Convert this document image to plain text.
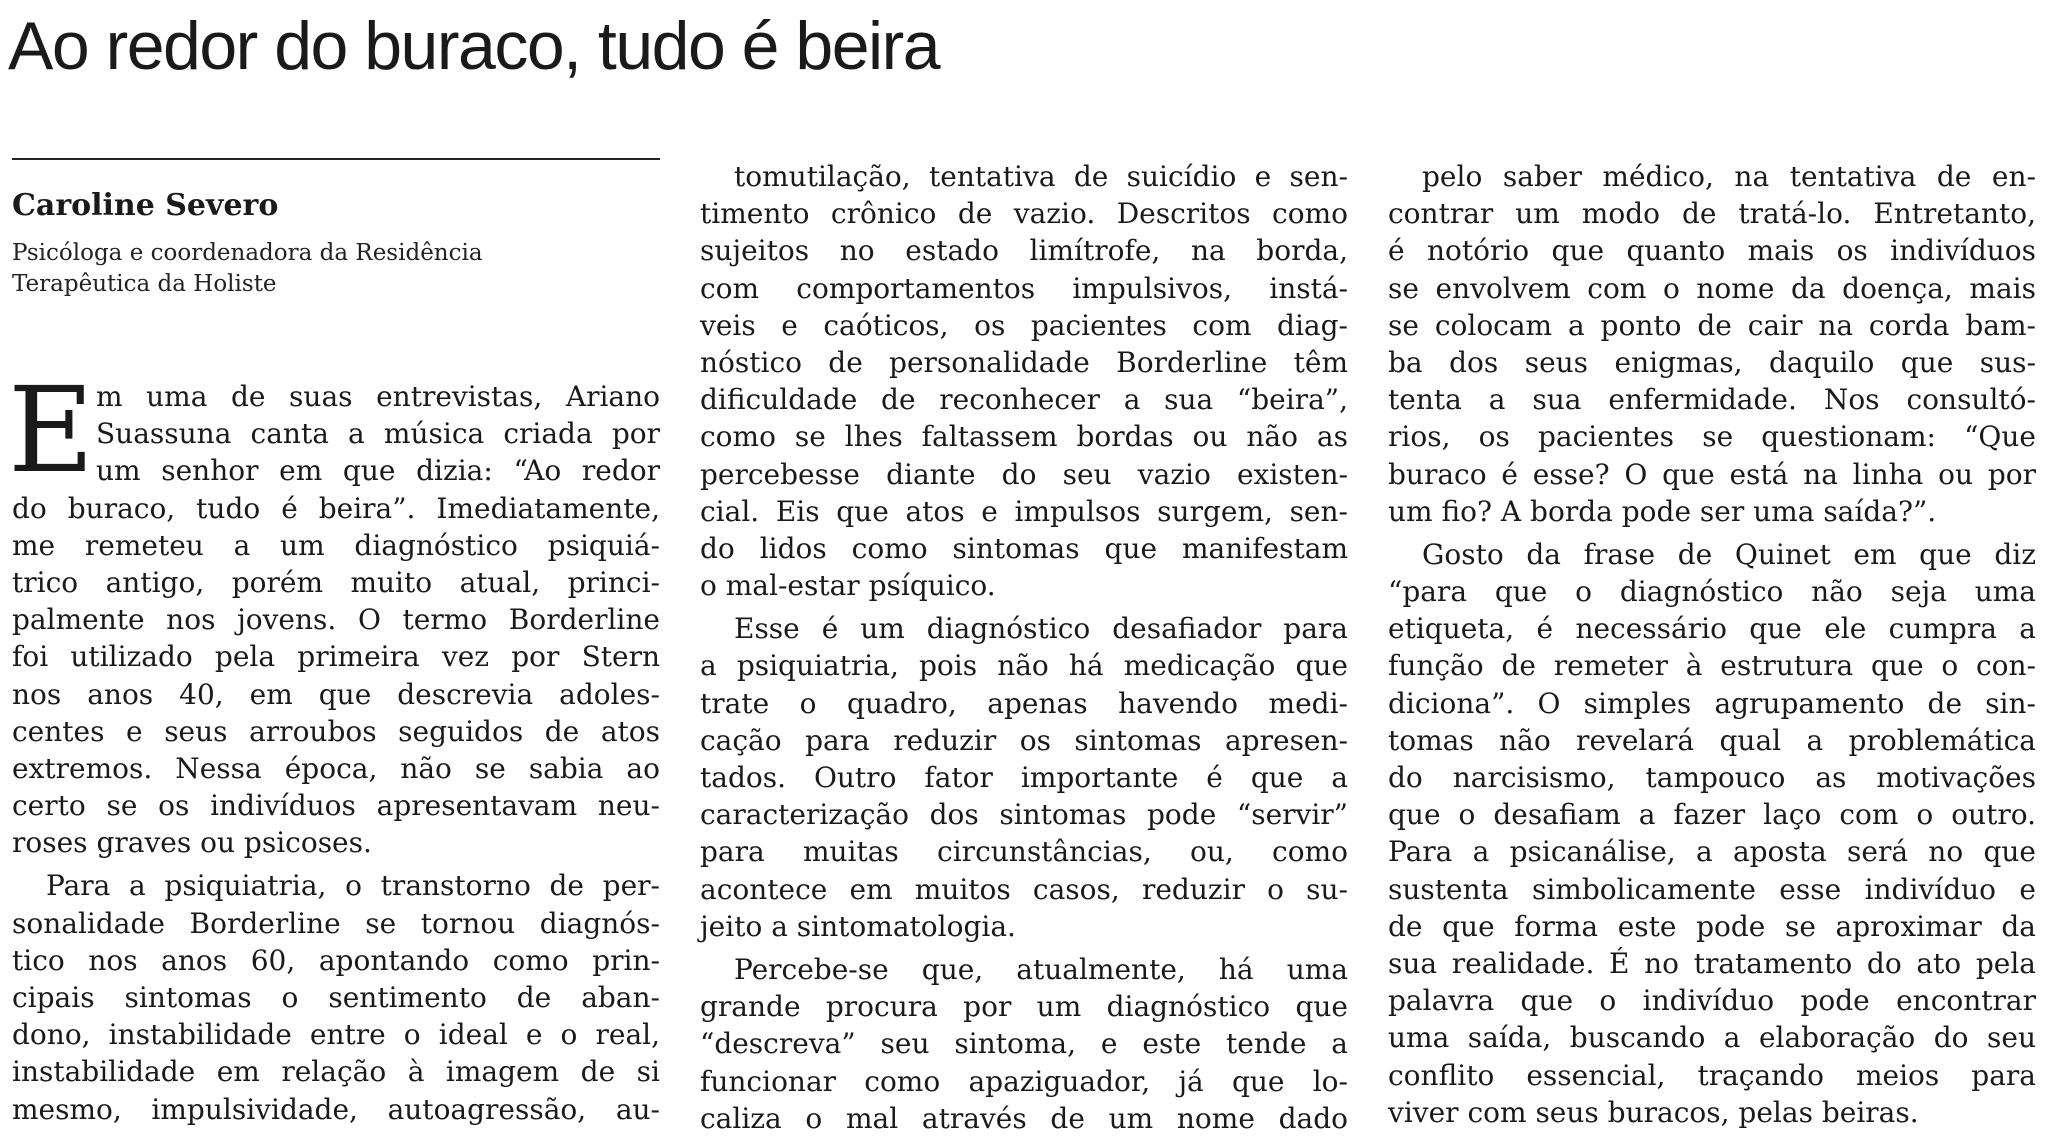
Ao redor do buraco, tudo é beira
Caroline Severo
Psicóloga e coordenadora da Residência
Terapêutica da Holiste
E m uma de suas entrevistas, Ariano
Suassuna canta a música criada por
um senhor em que dizia: “Ao redor
do buraco, tudo é beira”. Imediatamente,
me remeteu a um diagnóstico psiquiá-
trico antigo, porém muito atual, princi-
palmente nos jovens. O termo Borderline
foi utilizado pela primeira vez por Stern
nos anos 40, em que descrevia adoles-
centes e seus arroubos seguidos de atos
extremos. Nessa época, não se sabia ao
certo se os indivíduos apresentavam neu-
roses graves ou psicoses.
Para a psiquiatria, o transtorno de per-
sonalidade Borderline se tornou diagnós-
tico nos anos 60, apontando como prin-
cipais sintomas o sentimento de aban-
dono, instabilidade entre o ideal e o real,
instabilidade em relação à imagem de si
mesmo, impulsividade, autoagressão, au-
tomutilação, tentativa de suicídio e sen-
timento crônico de vazio. Descritos como
sujeitos no estado limítrofe, na borda,
com comportamentos impulsivos, instá-
veis e caóticos, os pacientes com diag-
nóstico de personalidade Borderline têm
dificuldade de reconhecer a sua “beira”,
como se lhes faltassem bordas ou não as
percebesse diante do seu vazio existen-
cial. Eis que atos e impulsos surgem, sen-
do lidos como sintomas que manifestam
o mal-estar psíquico.
Esse é um diagnóstico desafiador para
a psiquiatria, pois não há medicação que
trate o quadro, apenas havendo medi-
cação para reduzir os sintomas apresen-
tados. Outro fator importante é que a
caracterização dos sintomas pode “servir”
para muitas circunstâncias, ou, como
acontece em muitos casos, reduzir o su-
jeito a sintomatologia.
Percebe-se que, atualmente, há uma
grande procura por um diagnóstico que
“descreva” seu sintoma, e este tende a
funcionar como apaziguador, já que lo-
caliza o mal através de um nome dado
pelo saber médico, na tentativa de en-
contrar um modo de tratá-lo. Entretanto,
é notório que quanto mais os indivíduos
se envolvem com o nome da doença, mais
se colocam a ponto de cair na corda bam-
ba dos seus enigmas, daquilo que sus-
tenta a sua enfermidade. Nos consultó-
rios, os pacientes se questionam: “Que
buraco é esse? O que está na linha ou por
um fio? A borda pode ser uma saída?”.
Gosto da frase de Quinet em que diz
“para que o diagnóstico não seja uma
etiqueta, é necessário que ele cumpra a
função de remeter à estrutura que o con-
diciona”. O simples agrupamento de sin-
tomas não revelará qual a problemática
do narcisismo, tampouco as motivações
que o desafiam a fazer laço com o outro.
Para a psicanálise, a aposta será no que
sustenta simbolicamente esse indivíduo e
de que forma este pode se aproximar da
sua realidade. É no tratamento do ato pela
palavra que o indivíduo pode encontrar
uma saída, buscando a elaboração do seu
conflito essencial, traçando meios para
viver com seus buracos, pelas beiras.
